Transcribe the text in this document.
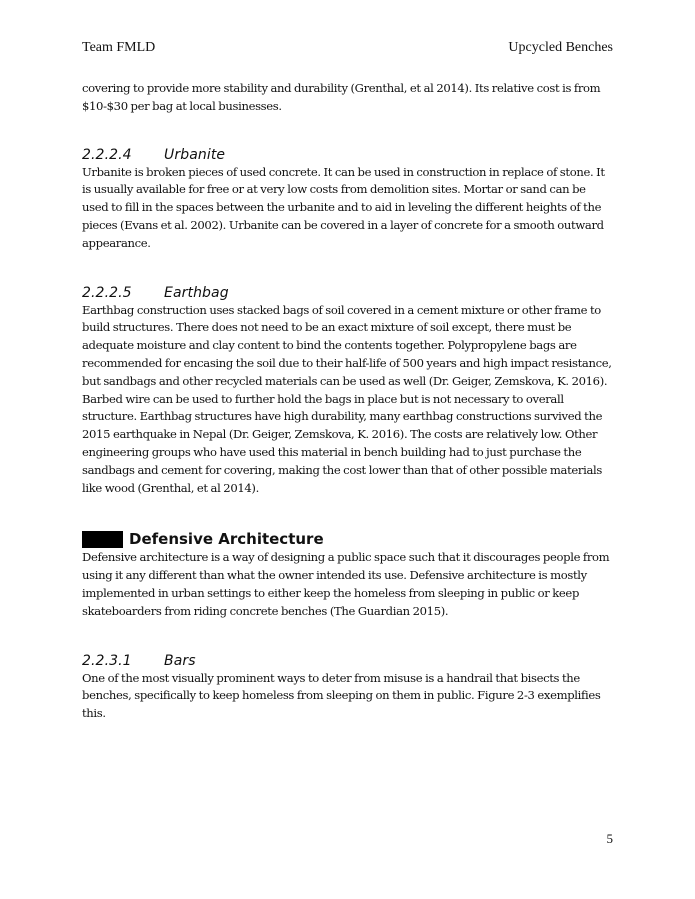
Team FMLD	Upcycled Benches

covering to provide more stability and durability (Grenthal, et al 2014). Its relative cost is from $10-$30 per bag at local businesses.

2.2.2.4 Urbanite

Urbanite is broken pieces of used concrete. It can be used in construction in replace of stone. It is usually available for free or at very low costs from demolition sites. Mortar or sand can be used to fill in the spaces between the urbanite and to aid in leveling the different heights of the pieces (Evans et al. 2002). Urbanite can be covered in a layer of concrete for a smooth outward appearance.

2.2.2.5 Earthbag

Earthbag construction uses stacked bags of soil covered in a cement mixture or other frame to build structures. There does not need to be an exact mixture of soil except, there must be adequate moisture and clay content to bind the contents together. Polypropylene bags are recommended for encasing the soil due to their half-life of 500 years and high impact resistance, but sandbags and other recycled materials can be used as well (Dr. Geiger, Zemskova, K. 2016). Barbed wire can be used to further hold the bags in place but is not necessary to overall structure. Earthbag structures have high durability, many earthbag constructions survived the 2015 earthquake in Nepal (Dr. Geiger, Zemskova, K. 2016). The costs are relatively low. Other engineering groups who have used this material in bench building had to just purchase the sandbags and cement for covering, making the cost lower than that of other possible materials like wood (Grenthal, et al 2014).

Defensive Architecture

Defensive architecture is a way of designing a public space such that it discourages people from using it any different than what the owner intended its use. Defensive architecture is mostly implemented in urban settings to either keep the homeless from sleeping in public or keep skateboarders from riding concrete benches (The Guardian 2015).

2.2.3.1 Bars

One of the most visually prominent ways to deter from misuse is a handrail that bisects the benches, specifically to keep homeless from sleeping on them in public. Figure 2-3 exemplifies this.

5
